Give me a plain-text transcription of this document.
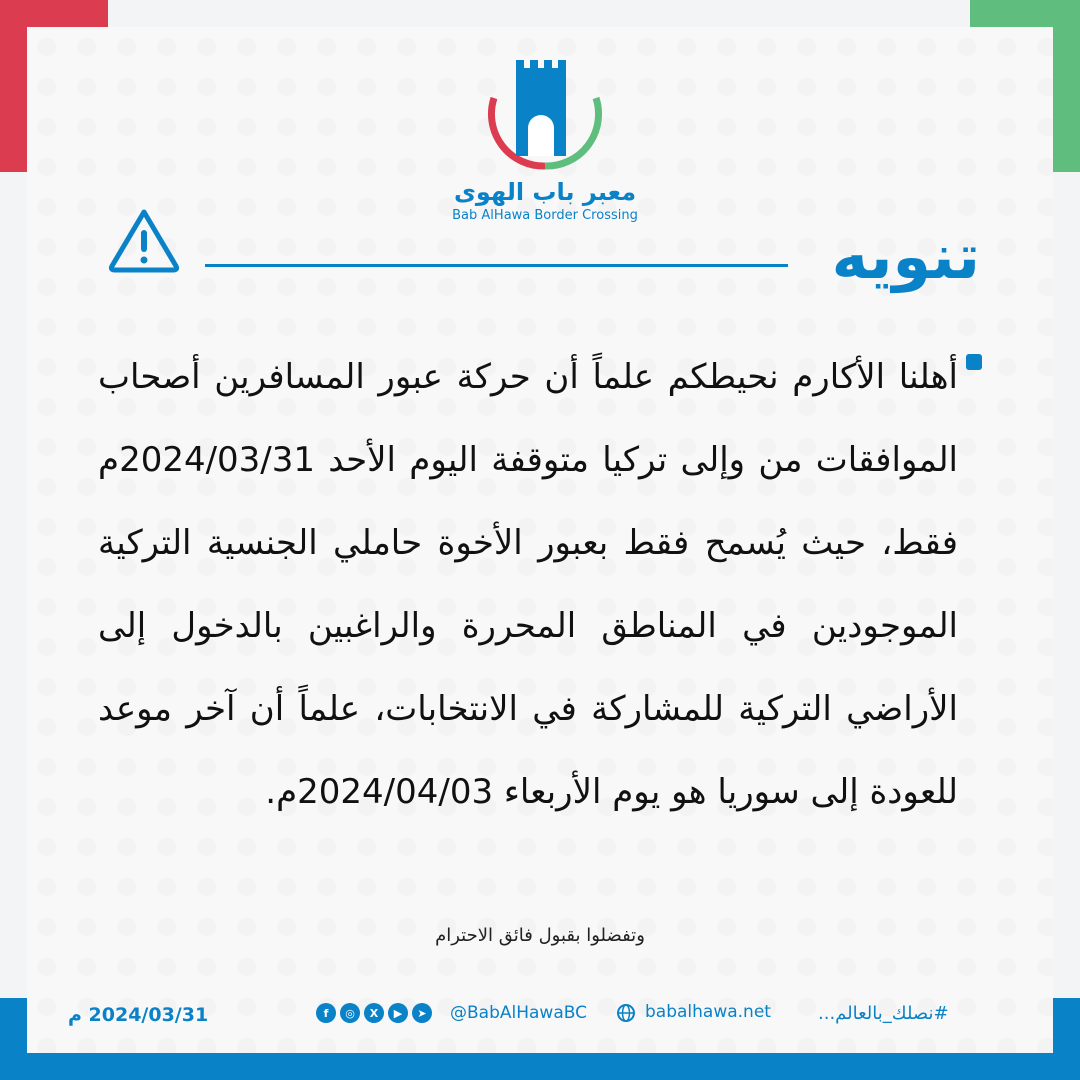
معبر باب الهوى
Bab AlHawa Border Crossing
تنويه
أهلنا الأكارم نحيطكم علماً أن حركة عبور المسافرين أصحاب الموافقات من وإلى تركيا متوقفة اليوم الأحد 2024/03/31م فقط، حيث يُسمح فقط بعبور الأخوة حاملي الجنسية التركية الموجودين في المناطق المحررة والراغبين بالدخول إلى الأراضي التركية للمشاركة في الانتخابات، علماً أن آخر موعد للعودة إلى سوريا هو يوم الأربعاء 2024/04/03م.
وتفضلوا بقبول فائق الاحترام
2024/03/31 م	f	◎	X	▶	➤	@BabAlHawaBC	babalhawa.net	#نصلك_بالعالم...
